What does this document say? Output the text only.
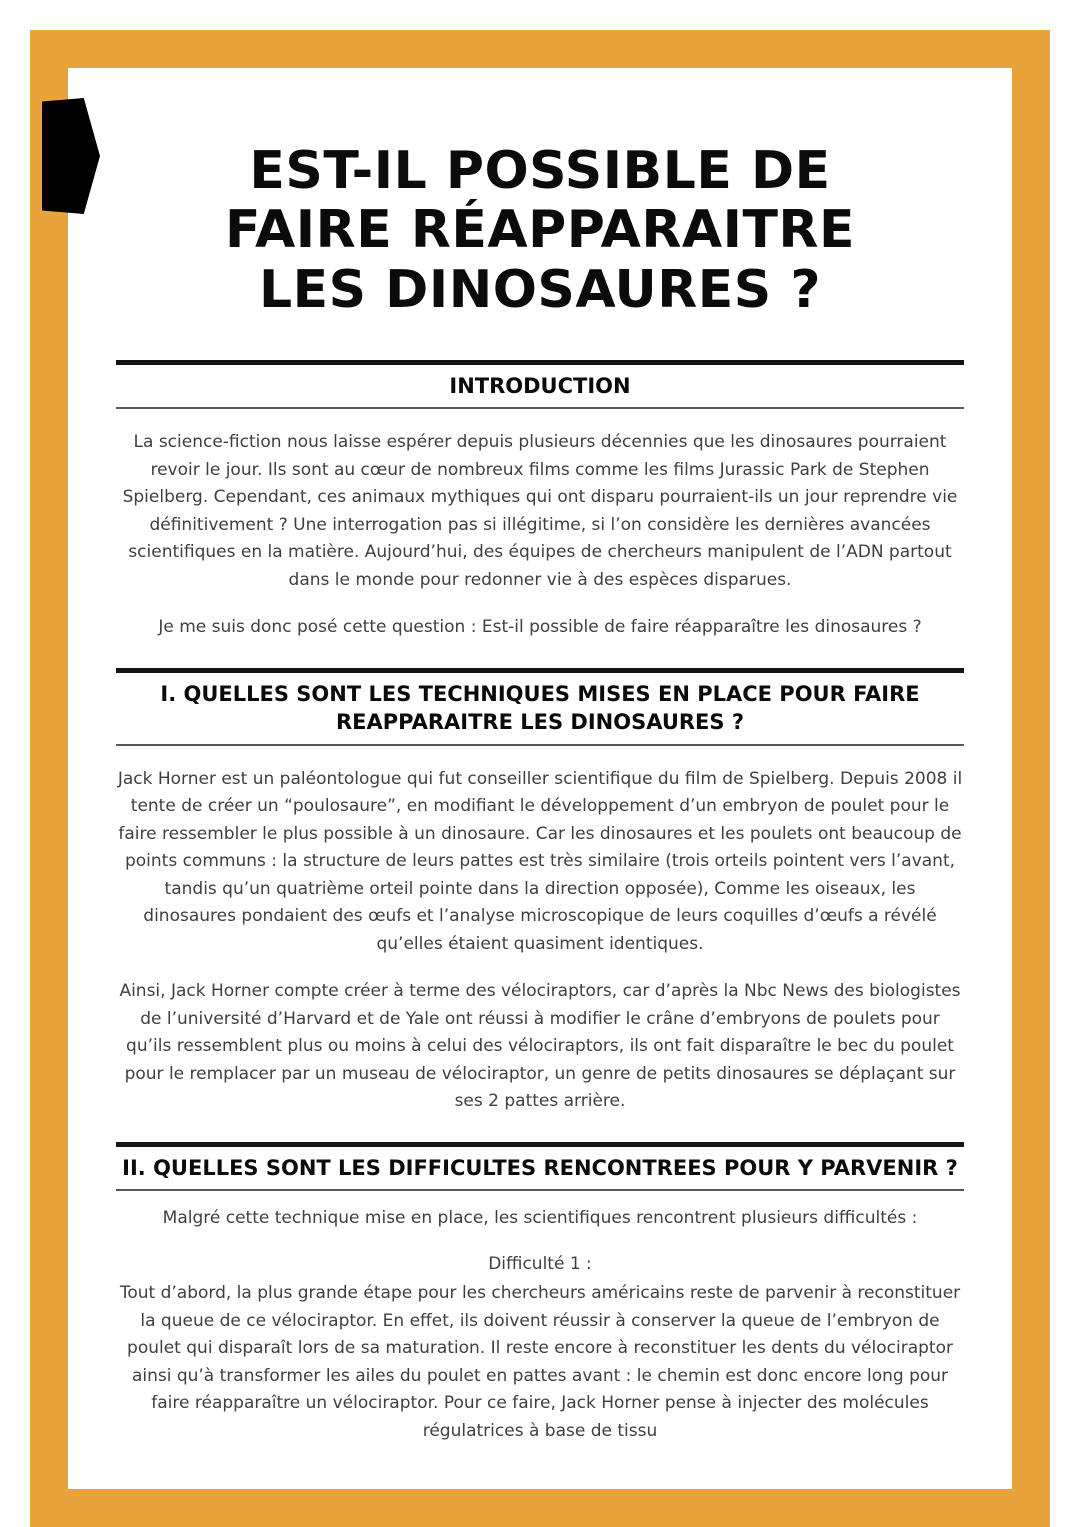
EST-IL POSSIBLE DE
FAIRE RÉAPPARAITRE
LES DINOSAURES ?
INTRODUCTION

La science-fiction nous laisse espérer depuis plusieurs décennies que les dinosaures pourraient revoir le jour. Ils sont au cœur de nombreux films comme les films Jurassic Park de Stephen Spielberg. Cependant, ces animaux mythiques qui ont disparu pourraient-ils un jour reprendre vie définitivement ? Une interrogation pas si illégitime, si l’on considère les dernières avancées scientifiques en la matière. Aujourd’hui, des équipes de chercheurs manipulent de l’ADN partout dans le monde pour redonner vie à des espèces disparues.

Je me suis donc posé cette question : Est-il possible de faire réapparaître les dinosaures ?

I. QUELLES SONT LES TECHNIQUES MISES EN PLACE POUR FAIRE REAPPARAITRE LES DINOSAURES ?

Jack Horner est un paléontologue qui fut conseiller scientifique du film de Spielberg. Depuis 2008 il tente de créer un “poulosaure”, en modifiant le développement d’un embryon de poulet pour le faire ressembler le plus possible à un dinosaure. Car les dinosaures et les poulets ont beaucoup de points communs : la structure de leurs pattes est très similaire (trois orteils pointent vers l’avant, tandis qu’un quatrième orteil pointe dans la direction opposée), Comme les oiseaux, les dinosaures pondaient des œufs et l’analyse microscopique de leurs coquilles d’œufs a révélé qu’elles étaient quasiment identiques.

Ainsi, Jack Horner compte créer à terme des vélociraptors, car d’après la Nbc News des biologistes de l’université d’Harvard et de Yale ont réussi à modifier le crâne d’embryons de poulets pour qu’ils ressemblent plus ou moins à celui des vélociraptors, ils ont fait disparaître le bec du poulet pour le remplacer par un museau de vélociraptor, un genre de petits dinosaures se déplaçant sur ses 2 pattes arrière.

II. QUELLES SONT LES DIFFICULTES RENCONTREES POUR Y PARVENIR ?

Malgré cette technique mise en place, les scientifiques rencontrent plusieurs difficultés :

Difficulté 1 :

Tout d’abord, la plus grande étape pour les chercheurs américains reste de parvenir à reconstituer la queue de ce vélociraptor. En effet, ils doivent réussir à conserver la queue de l’embryon de poulet qui disparaît lors de sa maturation. Il reste encore à reconstituer les dents du vélociraptor ainsi qu’à transformer les ailes du poulet en pattes avant : le chemin est donc encore long pour faire réapparaître un vélociraptor. Pour ce faire, Jack Horner pense à injecter des molécules régulatrices à base de tissu
